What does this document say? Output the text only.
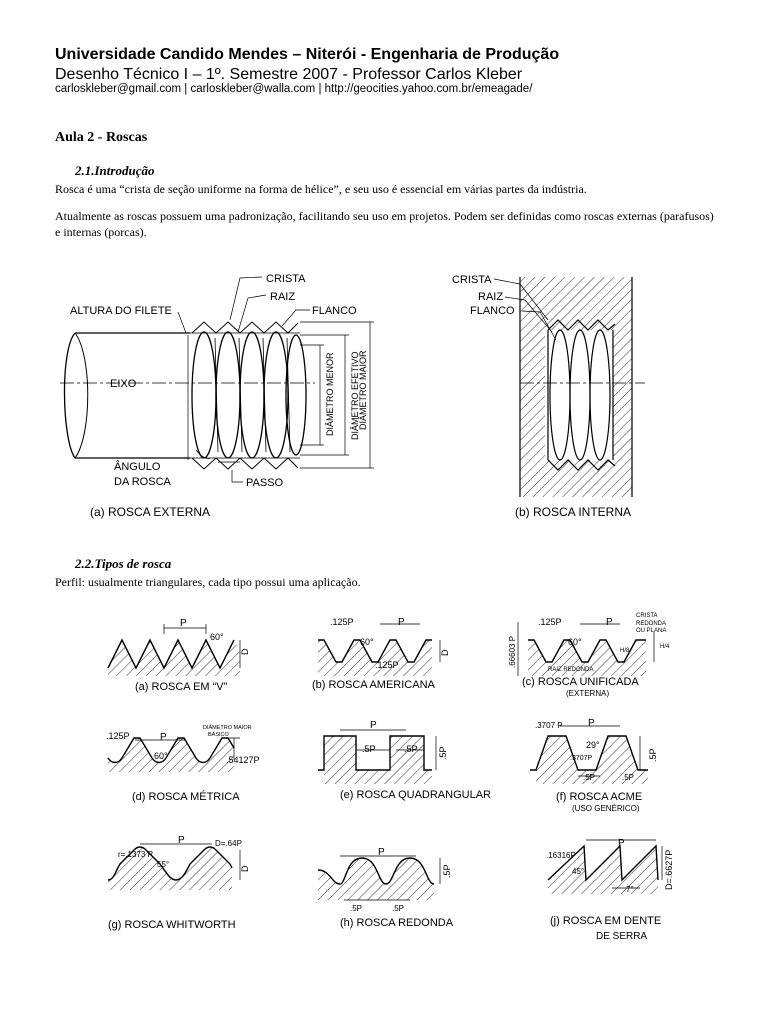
Universidade Candido Mendes – Niterói - Engenharia de Produção
Desenho Técnico I – 1º. Semestre 2007 - Professor Carlos Kleber
carloskleber@gmail.com | carloskleber@walla.com | http://geocities.yahoo.com.br/emeagade/
Aula 2 - Roscas
2.1.Introdução
Rosca é uma “crista de seção uniforme na forma de hélice”, e seu uso é essencial em várias partes da indústria.
Atualmente as roscas possuem uma padronização, facilitando seu uso em projetos. Podem ser definidas como roscas externas (parafusos) e internas (porcas).
2.2.Tipos de rosca
Perfil: usualmente triangulares, cada tipo possui uma aplicação.
CRISTA
RAIZ
FLANCO
ALTURA DO FILETE
EIXO
ÂNGULO
DA ROSCA	PASSO
DIÂMETRO MENOR DIÂMETRO EFETIVO
DIÂMETRO MAIOR
(a) ROSCA EXTERNA
CRISTA
RAIZ
FLANCO
(b) ROSCA INTERNA
P
60°
D
(a) ROSCA EM “V”
.125P	P
60°
.125P
D
(b) ROSCA AMERICANA
.66603 P
.125P	P
60°
CRISTA
REDONDA
OU PLANA
RAIZ REDONDA
H/8
H/4
(c) ROSCA UNIFICADA
(EXTERNA)
.125P	P
60°
DIÂMETRO MAIOR
BÁSICO
.54127P
(d) ROSCA MÉTRICA
P
.5P	.5P .5P
(e) ROSCA QUADRANGULAR
.3707 P	P
29°
.3707P
.5P	.5P
.5P
(f) ROSCA ACME
(USO GENÉRICO)
r=.1373 P
P	D=.64P
55°	D
(g) ROSCA WHITWORTH
P
.5P	.5P
.5P
(h) ROSCA REDONDA
.16316P
P
45°
7°	D=.6627P
(j) ROSCA EM DENTE
DE SERRA
